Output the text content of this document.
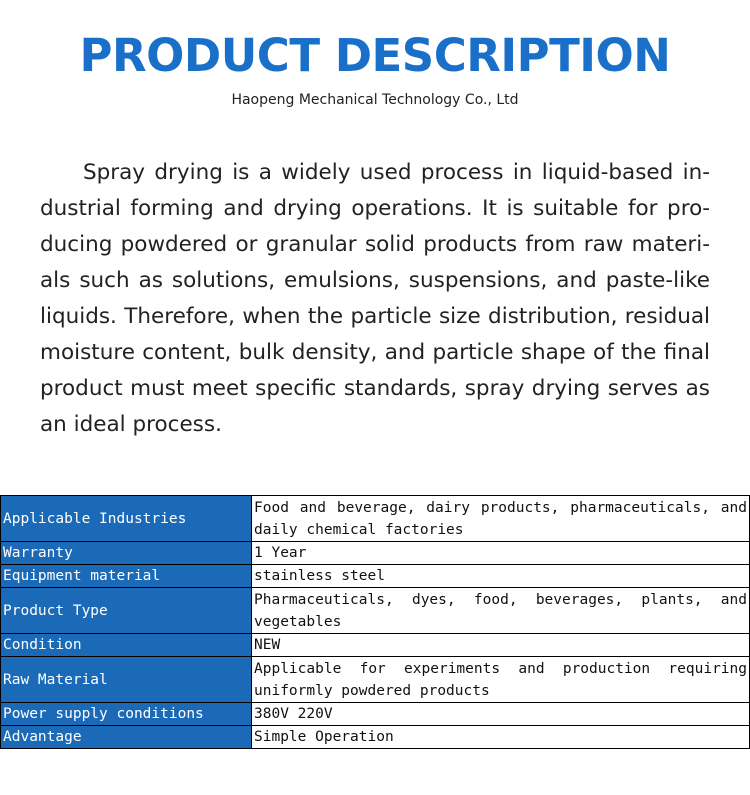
PRODUCT DESCRIPTION
Haopeng Mechanical Technology Co., Ltd

Spray drying is a widely used process in liquid-based industrial forming and drying operations. It is suitable for producing powdered or granular solid products from raw materials such as solutions, emulsions, suspensions, and paste-like liquids. Therefore, when the particle size distribution, residual moisture content, bulk density, and particle shape of the final product must meet specific standards, spray drying serves as an ideal process.

Applicable Industries	Food and beverage, dairy products, pharmaceuticals, and daily chemical factories
Warranty	1 Year
Equipment material	stainless steel
Product Type	Pharmaceuticals, dyes, food, beverages, plants, and vegetables
Condition	NEW
Raw Material	Applicable for experiments and production requiring uniformly powdered products
Power supply conditions	380V 220V
Advantage	Simple Operation
